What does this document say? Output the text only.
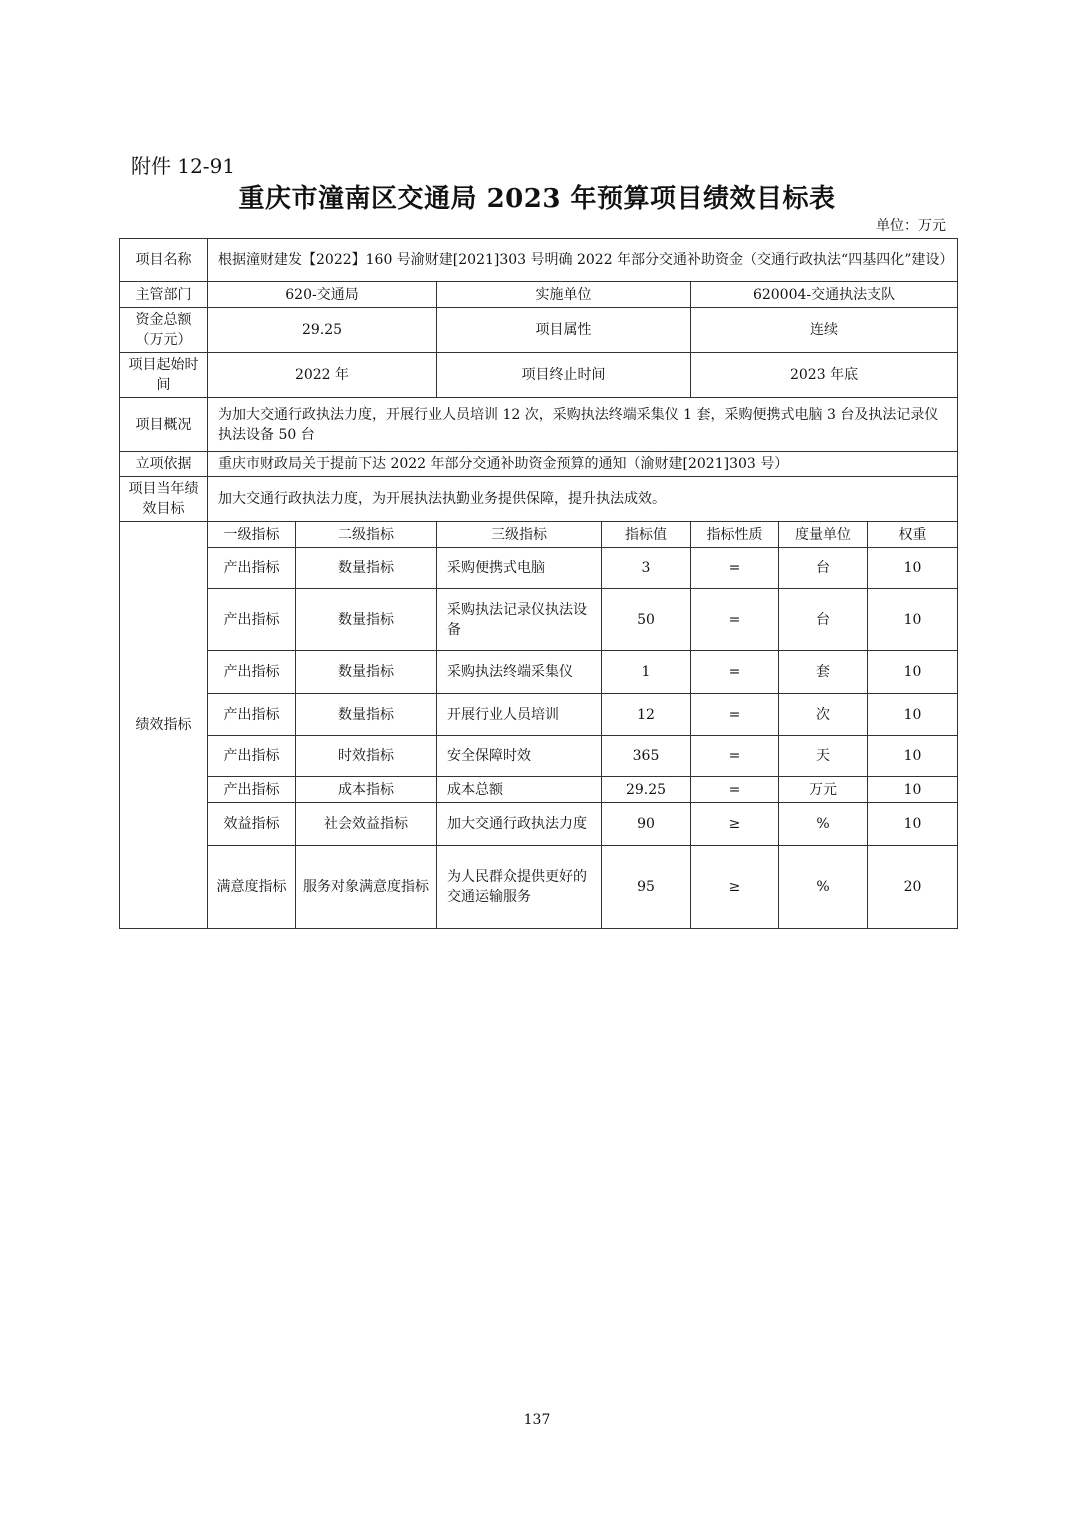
附件 12-91
重庆市潼南区交通局 2023 年预算项目绩效目标表
单位：万元
项目名称	根据潼财建发【2022】160 号渝财建[2021]303 号明确 2022 年部分交通补助资金（交通行政执法“四基四化”建设）						
主管部门	620-交通局		实施单位		620004-交通执法支队		
资金总额（万元）	29.25		项目属性		连续		
项目起始时间	2022 年		项目终止时间		2023 年底		
项目概况	为加大交通行政执法力度，开展行业人员培训 12 次，采购执法终端采集仪 1 套，采购便携式电脑 3 台及执法记录仪执法设备 50 台						
立项依据	重庆市财政局关于提前下达 2022 年部分交通补助资金预算的通知（渝财建[2021]303 号）						
项目当年绩效目标	加大交通行政执法力度，为开展执法执勤业务提供保障，提升执法成效。						
绩效指标	一级指标	二级指标	三级指标	指标值	指标性质	度量单位	权重
	产出指标	数量指标	采购便携式电脑	3	=	台	10
	产出指标	数量指标	采购执法记录仪执法设备	50	=	台	10
	产出指标	数量指标	采购执法终端采集仪	1	=	套	10
	产出指标	数量指标	开展行业人员培训	12	=	次	10
	产出指标	时效指标	安全保障时效	365	=	天	10
	产出指标	成本指标	成本总额	29.25	=	万元	10
	效益指标	社会效益指标	加大交通行政执法力度	90	≥	%	10
	满意度指标	服务对象满意度指标	为人民群众提供更好的交通运输服务	95	≥	%	20
137
